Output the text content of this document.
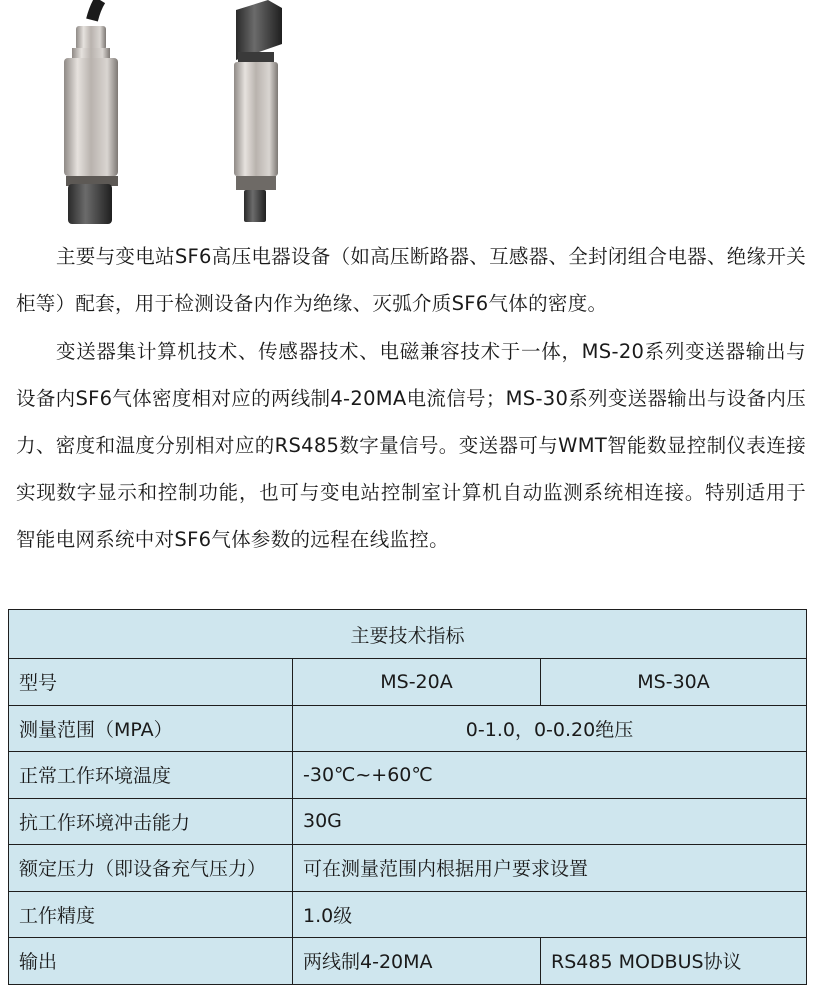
主要与变电站SF6高压电器设备（如高压断路器、互感器、全封闭组合电器、绝缘开关柜等）配套，用于检测设备内作为绝缘、灭弧介质SF6气体的密度。

变送器集计算机技术、传感器技术、电磁兼容技术于一体，MS-20系列变送器输出与设备内SF6气体密度相对应的两线制4-20MA电流信号；MS-30系列变送器输出与设备内压力、密度和温度分别相对应的RS485数字量信号。变送器可与WMT智能数显控制仪表连接实现数字显示和控制功能，也可与变电站控制室计算机自动监测系统相连接。特别适用于智能电网系统中对SF6气体参数的远程在线监控。

主要技术指标		
型号	MS-20A	MS-30A
测量范围（MPA）	0-1.0，0-0.20绝压	
正常工作环境温度	-30℃~+60℃	
抗工作环境冲击能力	30G	
额定压力（即设备充气压力）	可在测量范围内根据用户要求设置	
工作精度	1.0级	
输出	两线制4-20MA	RS485 MODBUS协议
